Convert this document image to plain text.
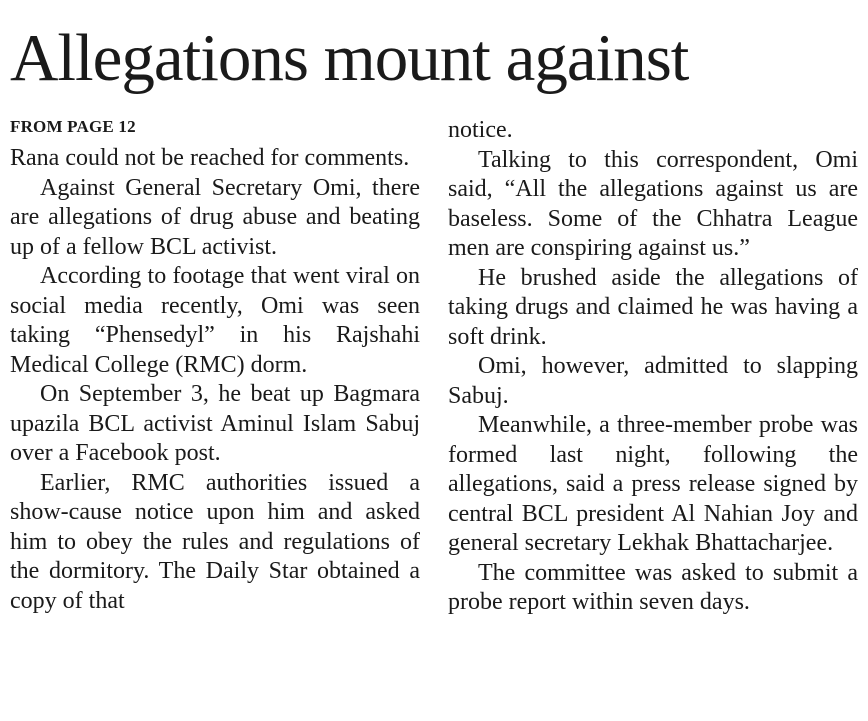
Allegations mount against
FROM PAGE 12

Rana could not be reached for comments.

Against General Secretary Omi, there are allegations of drug abuse and beating up of a fellow BCL activist.

According to footage that went viral on social media recently, Omi was seen taking “Phensedyl” in his Rajshahi Medical College (RMC) dorm.

On September 3, he beat up Bagmara upazila BCL activist Aminul Islam Sabuj over a Facebook post.

Earlier, RMC authorities issued a show-cause notice upon him and asked him to obey the rules and regulations of the dormitory. The Daily Star obtained a copy of that

notice.

Talking to this correspondent, Omi said, “All the allegations against us are baseless. Some of the Chhatra League men are conspiring against us.”

He brushed aside the allegations of taking drugs and claimed he was having a soft drink.

Omi, however, admitted to slapping Sabuj.

Meanwhile, a three-member probe was formed last night, following the allegations, said a press release signed by central BCL president Al Nahian Joy and general secretary Lekhak Bhattacharjee.

The committee was asked to submit a probe report within seven days.
